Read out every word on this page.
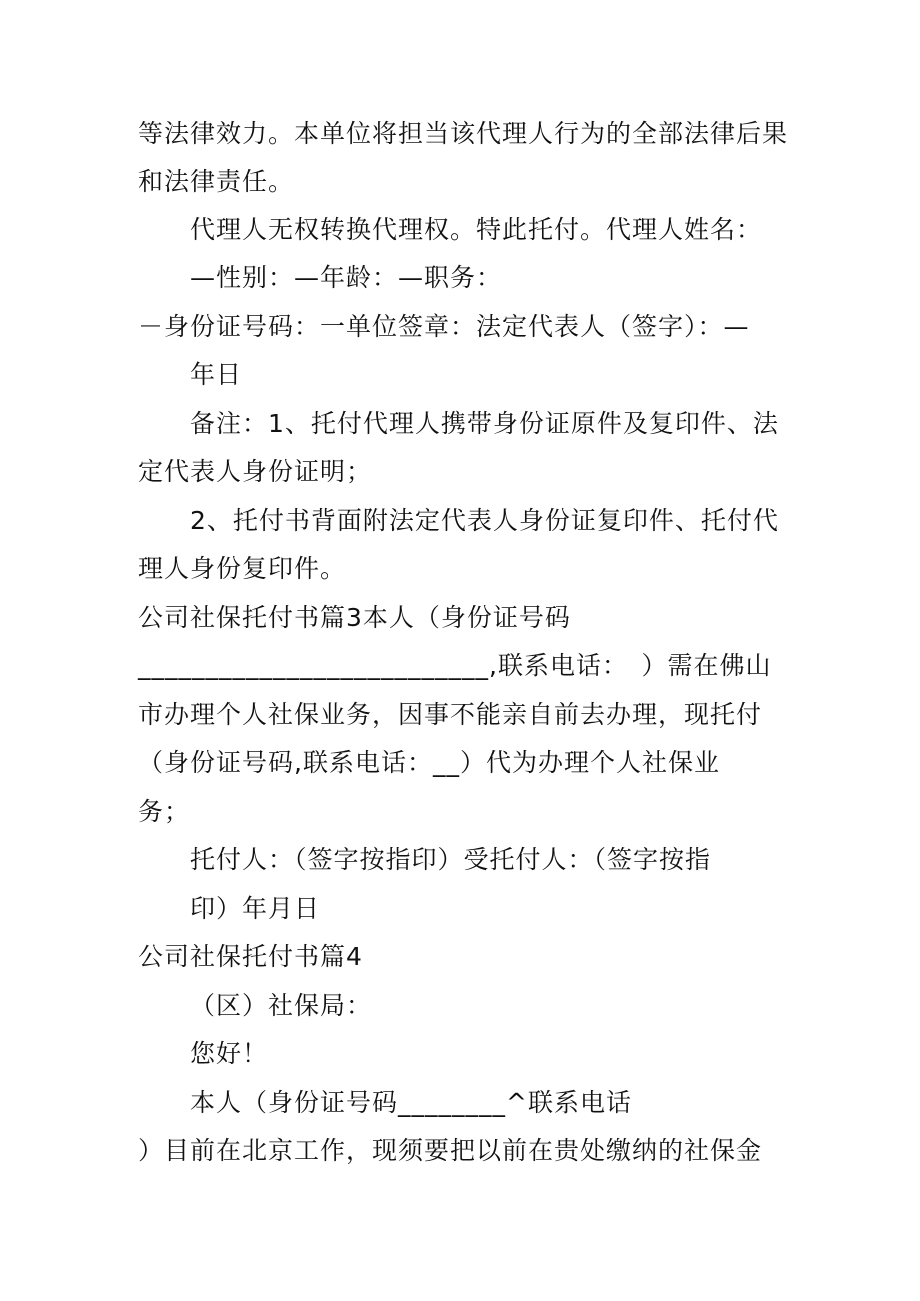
等法律效力。本单位将担当该代理人行为的全部法律后果
和法律责任。
代理人无权转换代理权。特此托付。代理人姓名：
—性别：—年龄：—职务：
－身份证号码：一单位签章：法定代表人（签字）：—
年日
备注：1、托付代理人携带身份证原件及复印件、法
定代表人身份证明；
2、托付书背面附法定代表人身份证复印件、托付代
理人身份复印件。
公司社保托付书篇3本人（身份证号码
__________________________,联系电话：　）需在佛山
市办理个人社保业务，因事不能亲自前去办理，现托付
（身份证号码,联系电话：__）代为办理个人社保业
务；
托付人：（签字按指印）受托付人：（签字按指
印）年月日
公司社保托付书篇4
（区）社保局：
您好！
本人（身份证号码________^联系电话
）目前在北京工作，现须要把以前在贵处缴纳的社保金
